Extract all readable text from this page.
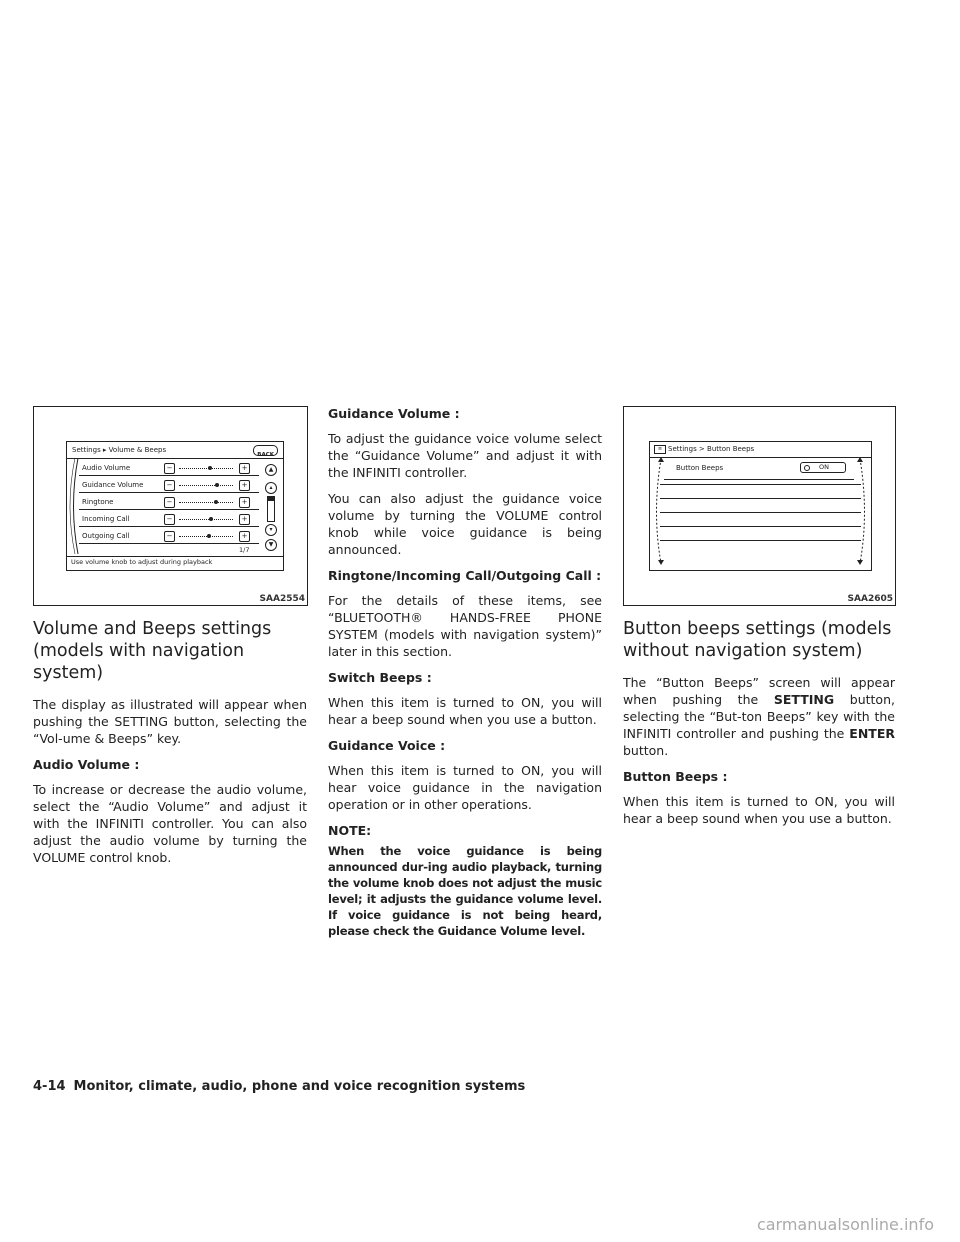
Settings ▸ Volume & Beeps
BACK
Audio Volume	−	+
Guidance Volume	−	+
Ringtone	−	+
Incoming Call	−	+
Outgoing Call	−	+
▲
▴
▾
▼
1/7
Use volume knob to adjust during playback
SAA2554
Volume and Beeps settings (models with navigation system)

The display as illustrated will appear when pushing the SETTING button, selecting the “Vol-ume & Beeps” key.

Audio Volume :

To increase or decrease the audio volume, select the “Audio Volume” and adjust it with the INFINITI controller. You can also adjust the audio volume by turning the VOLUME control knob.

Guidance Volume :

To adjust the guidance voice volume select the “Guidance Volume” and adjust it with the INFINITI controller.

You can also adjust the guidance voice volume by turning the VOLUME control knob while voice guidance is being announced.

Ringtone/Incoming Call/Outgoing Call :

For the details of these items, see “BLUETOOTH® HANDS-FREE PHONE SYSTEM (models with navigation system)” later in this section.

Switch Beeps :

When this item is turned to ON, you will hear a beep sound when you use a button.

Guidance Voice :

When this item is turned to ON, you will hear voice guidance in the navigation operation or in other operations.

NOTE:

When the voice guidance is being announced dur-ing audio playback, turning the volume knob does not adjust the music level; it adjusts the guidance volume level. If voice guidance is not being heard, please check the Guidance Volume level.

≡ Settings > Button Beeps
Button Beeps	ON
SAA2605
Button beeps settings (models without navigation system)

The “Button Beeps” screen will appear when pushing the SETTING button, selecting the “But-ton Beeps” key with the INFINITI controller and pushing the ENTER button.

Button Beeps :

When this item is turned to ON, you will hear a beep sound when you use a button.

4-14 Monitor, climate, audio, phone and voice recognition systems
carmanualsonline.info
